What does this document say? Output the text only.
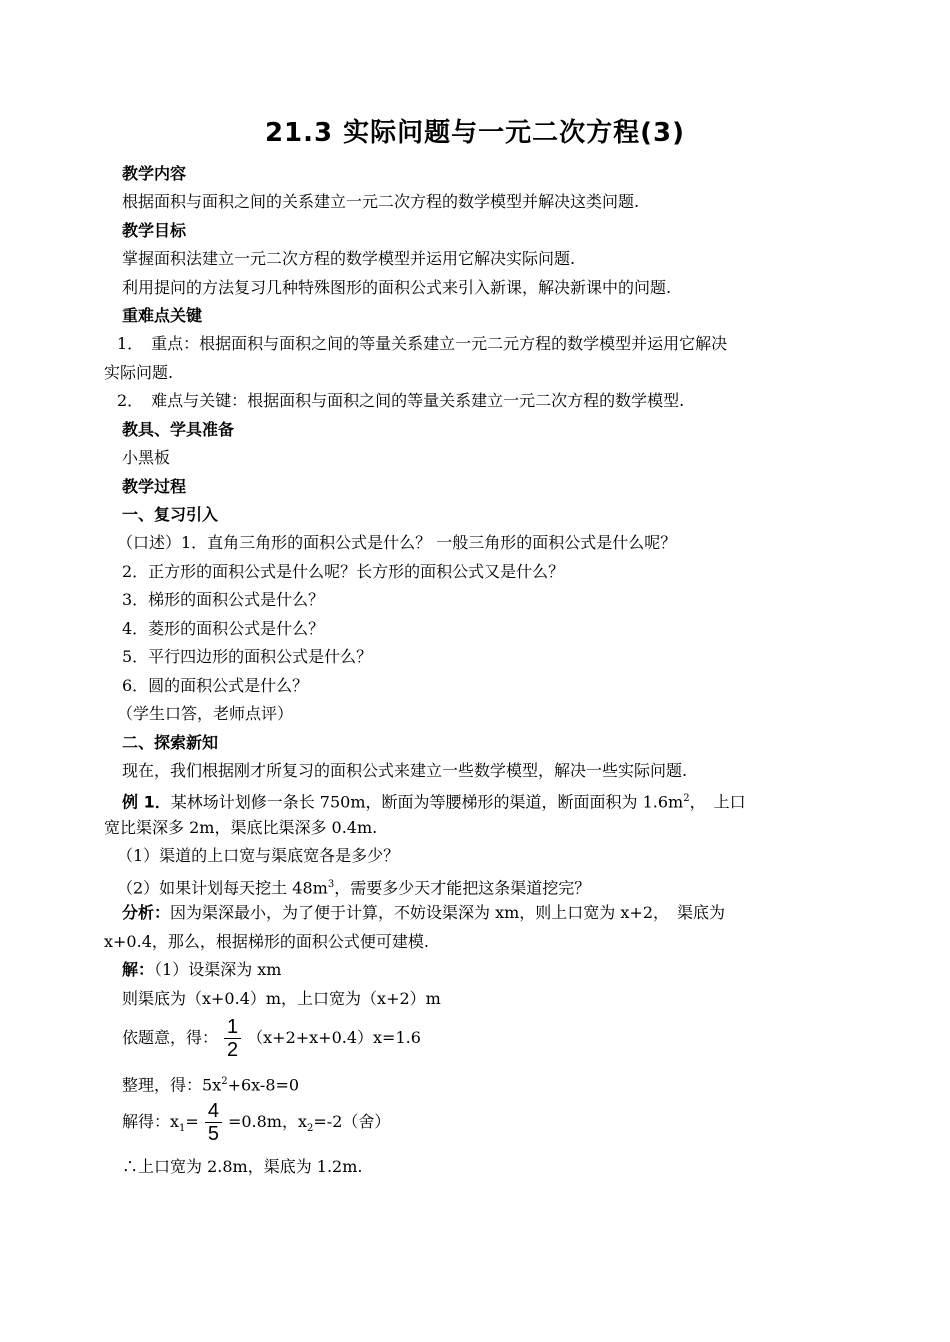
21.3 实际问题与一元二次方程(3)
教学内容
根据面积与面积之间的关系建立一元二次方程的数学模型并解决这类问题.
教学目标
掌握面积法建立一元二次方程的数学模型并运用它解决实际问题.
利用提问的方法复习几种特殊图形的面积公式来引入新课，解决新课中的问题.
重难点关键
1．　重点：根据面积与面积之间的等量关系建立一元二元方程的数学模型并运用它解决
实际问题.
2．　难点与关键：根据面积与面积之间的等量关系建立一元二次方程的数学模型.
教具、学具准备
小黑板
教学过程
一、复习引入
（口述）1．直角三角形的面积公式是什么？ 一般三角形的面积公式是什么呢？
2．正方形的面积公式是什么呢？长方形的面积公式又是什么？
3．梯形的面积公式是什么？
4．菱形的面积公式是什么？
5．平行四边形的面积公式是什么？
6．圆的面积公式是什么？
（学生口答，老师点评）
二、探索新知
现在，我们根据刚才所复习的面积公式来建立一些数学模型，解决一些实际问题.
例 1．某林场计划修一条长 750m，断面为等腰梯形的渠道，断面面积为 $1.6m^2$，　上口
宽比渠深多 2m，渠底比渠深多 0.4m.
（1）渠道的上口宽与渠底宽各是多少？
（2）如果计划每天挖土 $48m^3$，需要多少天才能把这条渠道挖完？
分析：因为渠深最小，为了便于计算，不妨设渠深为 xm，则上口宽为 x+2，　渠底为
x+0.4，那么，根据梯形的面积公式便可建模.
解：（1）设渠深为 xm
则渠底为（x+0.4）m，上口宽为（x+2）m
依题意，得： $\frac{1}{2} (x+2+x+0.4)x=1.6$
整理，得：$5x^2+6x-8=0$
解得：$x_1= \frac{4}{5} =0.8m$，$x_2=-2$（舍）
∴上口宽为 2.8m，渠底为 1.2m.
